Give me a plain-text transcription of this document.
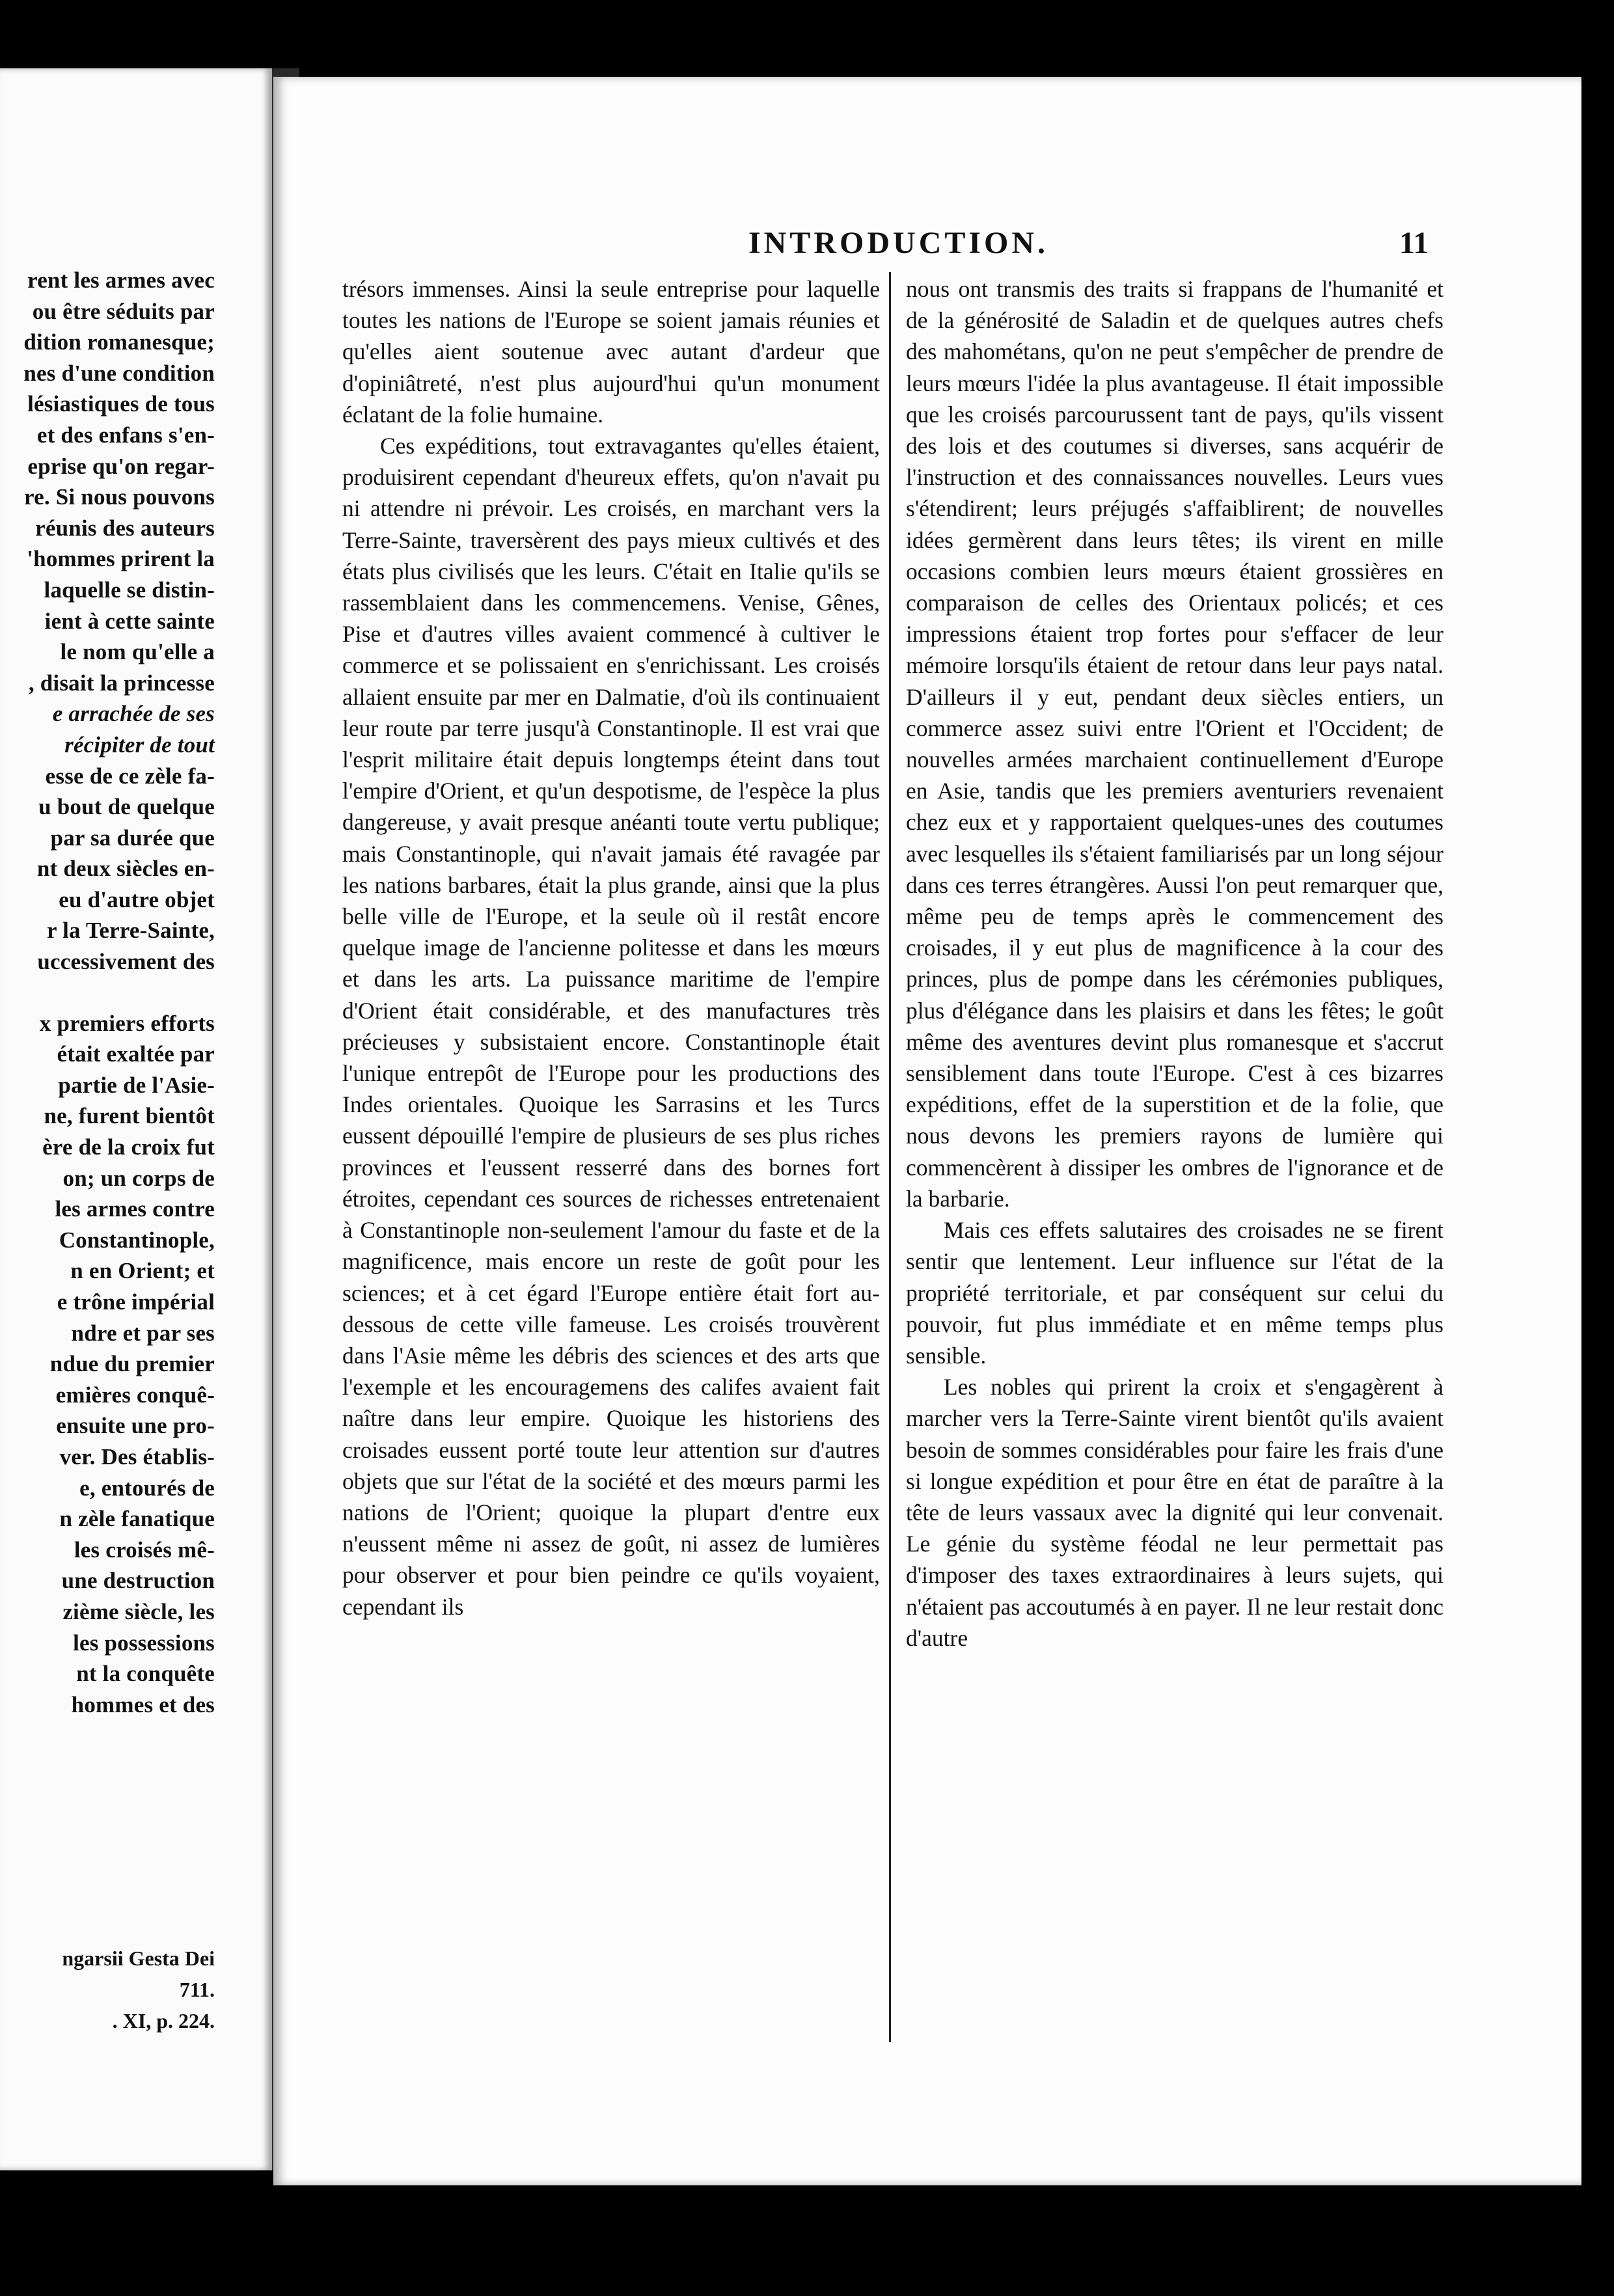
rent les armes avec
ou être séduits par
dition romanesque;
nes d'une condition
lésiastiques de tous
et des enfans s'en-
eprise qu'on regar-
re. Si nous pouvons
réunis des auteurs
'hommes prirent la
laquelle se distin-
ient à cette sainte
le nom qu'elle a
, disait la princesse
e arrachée de ses
récipiter de tout
esse de ce zèle fa-
u bout de quelque
par sa durée que
nt deux siècles en-
eu d'autre objet
r la Terre-Sainte,
uccessivement des
x premiers efforts
était exaltée par
partie de l'Asie-
ne, furent bientôt
ère de la croix fut
on; un corps de
les armes contre
Constantinople,
n en Orient; et
e trône impérial
ndre et par ses
ndue du premier
emières conquê-
ensuite une pro-
ver. Des établis-
e, entourés de
n zèle fanatique
les croisés mê-
une destruction
zième siècle, les
les possessions
nt la conquête
hommes et des
ngarsii Gesta Dei
711.
. XI, p. 224.
INTRODUCTION.	11

trésors immenses. Ainsi la seule entreprise pour laquelle toutes les nations de l'Europe se soient jamais réunies et qu'elles aient soutenue avec autant d'ardeur que d'opiniâtreté, n'est plus aujourd'hui qu'un monument éclatant de la folie humaine.

Ces expéditions, tout extravagantes qu'elles étaient, produisirent cependant d'heureux effets, qu'on n'avait pu ni attendre ni prévoir. Les croisés, en marchant vers la Terre-Sainte, traversèrent des pays mieux cultivés et des états plus civilisés que les leurs. C'était en Italie qu'ils se rassemblaient dans les commencemens. Venise, Gênes, Pise et d'autres villes avaient commencé à cultiver le commerce et se polissaient en s'enrichissant. Les croisés allaient ensuite par mer en Dalmatie, d'où ils continuaient leur route par terre jusqu'à Constantinople. Il est vrai que l'esprit militaire était depuis longtemps éteint dans tout l'empire d'Orient, et qu'un despotisme, de l'espèce la plus dangereuse, y avait presque anéanti toute vertu publique; mais Constantinople, qui n'avait jamais été ravagée par les nations barbares, était la plus grande, ainsi que la plus belle ville de l'Europe, et la seule où il restât encore quelque image de l'ancienne politesse et dans les mœurs et dans les arts. La puissance maritime de l'empire d'Orient était considérable, et des manufactures très précieuses y subsistaient encore. Constantinople était l'unique entrepôt de l'Europe pour les productions des Indes orientales. Quoique les Sarrasins et les Turcs eussent dépouillé l'empire de plusieurs de ses plus riches provinces et l'eussent resserré dans des bornes fort étroites, cependant ces sources de richesses entretenaient à Constantinople non-seulement l'amour du faste et de la magnificence, mais encore un reste de goût pour les sciences; et à cet égard l'Europe entière était fort au-dessous de cette ville fameuse. Les croisés trouvèrent dans l'Asie même les débris des sciences et des arts que l'exemple et les encouragemens des califes avaient fait naître dans leur empire. Quoique les historiens des croisades eussent porté toute leur attention sur d'autres objets que sur l'état de la société et des mœurs parmi les nations de l'Orient; quoique la plupart d'entre eux n'eussent même ni assez de goût, ni assez de lumières pour observer et pour bien peindre ce qu'ils voyaient, cependant ils

nous ont transmis des traits si frappans de l'humanité et de la générosité de Saladin et de quelques autres chefs des mahométans, qu'on ne peut s'empêcher de prendre de leurs mœurs l'idée la plus avantageuse. Il était impossible que les croisés parcourussent tant de pays, qu'ils vissent des lois et des coutumes si diverses, sans acquérir de l'instruction et des connaissances nouvelles. Leurs vues s'étendirent; leurs préjugés s'affaiblirent; de nouvelles idées germèrent dans leurs têtes; ils virent en mille occasions combien leurs mœurs étaient grossières en comparaison de celles des Orientaux policés; et ces impressions étaient trop fortes pour s'effacer de leur mémoire lorsqu'ils étaient de retour dans leur pays natal. D'ailleurs il y eut, pendant deux siècles entiers, un commerce assez suivi entre l'Orient et l'Occident; de nouvelles armées marchaient continuellement d'Europe en Asie, tandis que les premiers aventuriers revenaient chez eux et y rapportaient quelques-unes des coutumes avec lesquelles ils s'étaient familiarisés par un long séjour dans ces terres étrangères. Aussi l'on peut remarquer que, même peu de temps après le commencement des croisades, il y eut plus de magnificence à la cour des princes, plus de pompe dans les cérémonies publiques, plus d'élégance dans les plaisirs et dans les fêtes; le goût même des aventures devint plus romanesque et s'accrut sensiblement dans toute l'Europe. C'est à ces bizarres expéditions, effet de la superstition et de la folie, que nous devons les premiers rayons de lumière qui commencèrent à dissiper les ombres de l'ignorance et de la barbarie.

Mais ces effets salutaires des croisades ne se firent sentir que lentement. Leur influence sur l'état de la propriété territoriale, et par conséquent sur celui du pouvoir, fut plus immédiate et en même temps plus sensible.

Les nobles qui prirent la croix et s'engagèrent à marcher vers la Terre-Sainte virent bientôt qu'ils avaient besoin de sommes considérables pour faire les frais d'une si longue expédition et pour être en état de paraître à la tête de leurs vassaux avec la dignité qui leur convenait. Le génie du système féodal ne leur permettait pas d'imposer des taxes extraordinaires à leurs sujets, qui n'étaient pas accoutumés à en payer. Il ne leur restait donc d'autre
